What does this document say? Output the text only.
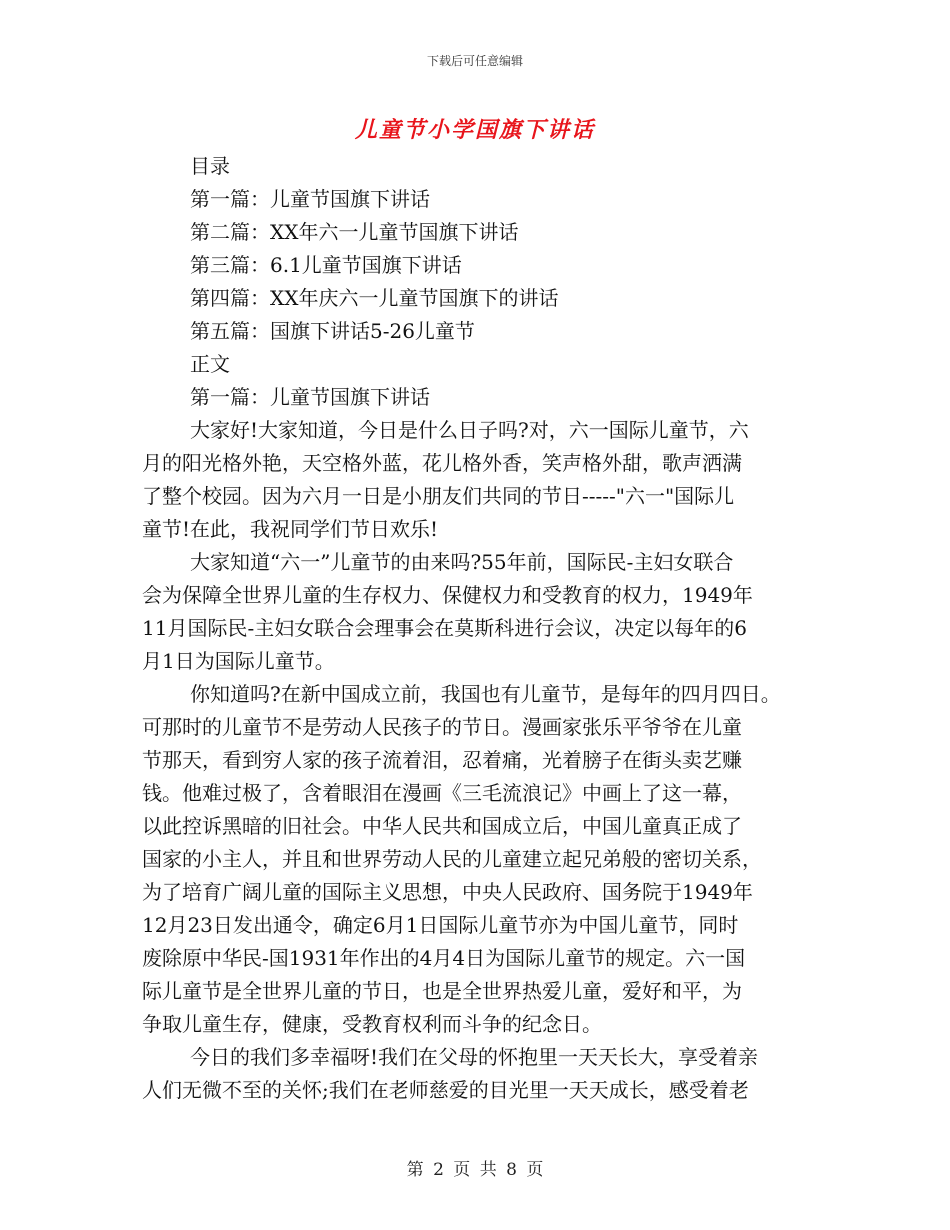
下载后可任意编辑
儿童节小学国旗下讲话
目录
第一篇：儿童节国旗下讲话
第二篇：XX年六一儿童节国旗下讲话
第三篇：6.1儿童节国旗下讲话
第四篇：XX年庆六一儿童节国旗下的讲话
第五篇：国旗下讲话5-26儿童节
正文
第一篇：儿童节国旗下讲话
大家好!大家知道，今日是什么日子吗?对，六一国际儿童节，六
月的阳光格外艳，天空格外蓝，花儿格外香，笑声格外甜，歌声洒满
了整个校园。因为六月一日是小朋友们共同的节日-----"六一"国际儿
童节!在此，我祝同学们节日欢乐!
大家知道“六一”儿童节的由来吗?55年前，国际民-主妇女联合
会为保障全世界儿童的生存权力、保健权力和受教育的权力，1949年
11月国际民-主妇女联合会理事会在莫斯科进行会议，决定以每年的6
月1日为国际儿童节。
你知道吗?在新中国成立前，我国也有儿童节，是每年的四月四日。
可那时的儿童节不是劳动人民孩子的节日。漫画家张乐平爷爷在儿童
节那天，看到穷人家的孩子流着泪，忍着痛，光着膀子在街头卖艺赚
钱。他难过极了，含着眼泪在漫画《三毛流浪记》中画上了这一幕，
以此控诉黑暗的旧社会。中华人民共和国成立后，中国儿童真正成了
国家的小主人，并且和世界劳动人民的儿童建立起兄弟般的密切关系，
为了培育广阔儿童的国际主义思想，中央人民政府、国务院于1949年
12月23日发出通令，确定6月1日国际儿童节亦为中国儿童节，同时
废除原中华民-国1931年作出的4月4日为国际儿童节的规定。六一国
际儿童节是全世界儿童的节日，也是全世界热爱儿童，爱好和平，为
争取儿童生存，健康，受教育权利而斗争的纪念日。
今日的我们多幸福呀!我们在父母的怀抱里一天天长大，享受着亲
人们无微不至的关怀;我们在老师慈爱的目光里一天天成长，感受着老
第 2 页 共 8 页
